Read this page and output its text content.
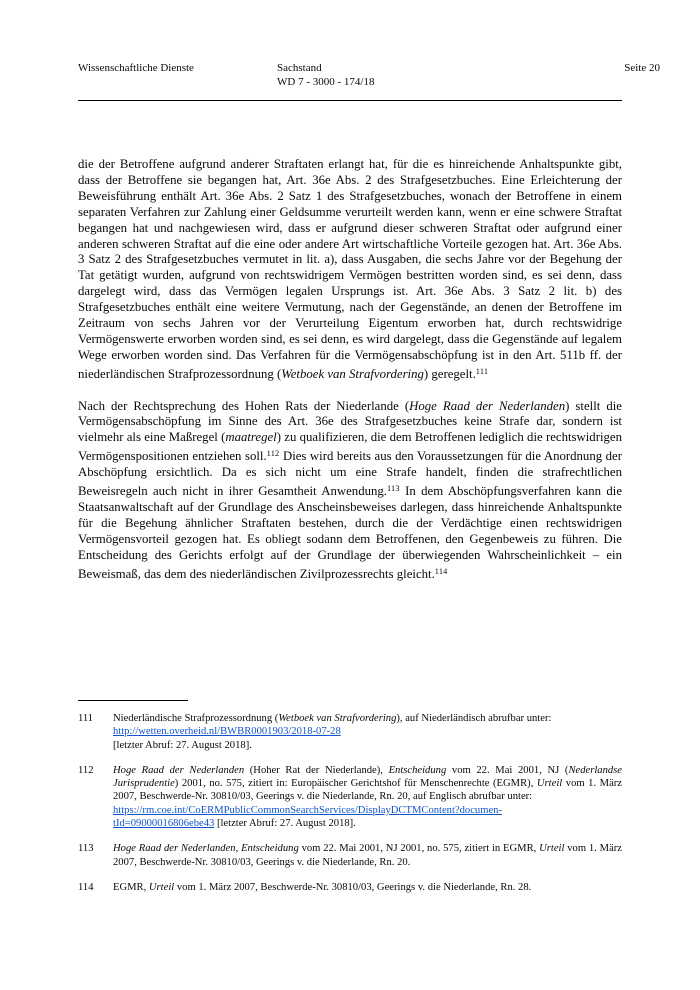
Wissenschaftliche Dienste	Sachstand
WD 7 - 3000 - 174/18
Seite 20

die der Betroffene aufgrund anderer Straftaten erlangt hat, für die es hinreichende Anhaltspunkte gibt, dass der Betroffene sie begangen hat, Art. 36e Abs. 2 des Strafgesetzbuches. Eine Erleichterung der Beweisführung enthält Art. 36e Abs. 2 Satz 1 des Strafgesetzbuches, wonach der Betroffene in einem separaten Verfahren zur Zahlung einer Geldsumme verurteilt werden kann, wenn er eine schwere Straftat begangen hat und nachgewiesen wird, dass er aufgrund dieser schweren Straftat oder aufgrund einer anderen schweren Straftat auf die eine oder andere Art wirtschaftliche Vorteile gezogen hat. Art. 36e Abs. 3 Satz 2 des Strafgesetzbuches vermutet in lit. a), dass Ausgaben, die sechs Jahre vor der Begehung der Tat getätigt wurden, aufgrund von rechtswidrigem Vermögen bestritten worden sind, es sei denn, dass dargelegt wird, dass das Vermögen legalen Ursprungs ist. Art. 36e Abs. 3 Satz 2 lit. b) des Strafgesetzbuches enthält eine weitere Vermutung, nach der Gegenstände, an denen der Betroffene im Zeitraum von sechs Jahren vor der Verurteilung Eigentum erworben hat, durch rechtswidrige Vermögenswerte erworben worden sind, es sei denn, es wird dargelegt, dass die Gegenstände auf legalem Wege erworben worden sind. Das Verfahren für die Vermögensabschöpfung ist in den Art. 511b ff. der niederländischen Strafprozessordnung (Wetboek van Strafvordering) geregelt.$^{111}$

Nach der Rechtsprechung des Hohen Rats der Niederlande (Hoge Raad der Nederlanden) stellt die Vermögensabschöpfung im Sinne des Art. 36e des Strafgesetzbuches keine Strafe dar, sondern ist vielmehr als eine Maßregel (maatregel) zu qualifizieren, die dem Betroffenen lediglich die rechtswidrigen Vermögenspositionen entziehen soll.$^{112}$ Dies wird bereits aus den Voraussetzungen für die Anordnung der Abschöpfung ersichtlich. Da es sich nicht um eine Strafe handelt, finden die strafrechtlichen Beweisregeln auch nicht in ihrer Gesamtheit Anwendung.$^{113}$ In dem Abschöpfungsverfahren kann die Staatsanwaltschaft auf der Grundlage des Anscheinsbeweises darlegen, dass hinreichende Anhaltspunkte für die Begehung ähnlicher Straftaten bestehen, durch die der Verdächtige einen rechtswidrigen Vermögensvorteil gezogen hat. Es obliegt sodann dem Betroffenen, den Gegenbeweis zu führen. Die Entscheidung des Gerichts erfolgt auf der Grundlage der überwiegenden Wahrscheinlichkeit – ein Beweismaß, das dem des niederländischen Zivilprozessrechts gleicht.$^{114}$

111	Niederländische Strafprozessordnung (Wetboek van Strafvordering), auf Niederländisch abrufbar unter:
http://wetten.overheid.nl/BWBR0001903/2018-07-28
[letzter Abruf: 27. August 2018].
112	Hoge Raad der Nederlanden (Hoher Rat der Niederlande), Entscheidung vom 22. Mai 2001, NJ (Nederlandse Jurisprudentie) 2001, no. 575, zitiert in: Europäischer Gerichtshof für Menschenrechte (EGMR), Urteil vom 1. März 2007, Beschwerde-Nr. 30810/03, Geerings v. die Niederlande, Rn. 20, auf Englisch abrufbar unter:
https://rm.coe.int/CoERMPublicCommonSearchServices/DisplayDCTMContent?documen-
tId=09000016806ebe43 [letzter Abruf: 27. August 2018].
113	Hoge Raad der Nederlanden, Entscheidung vom 22. Mai 2001, NJ 2001, no. 575, zitiert in EGMR, Urteil vom 1. März 2007, Beschwerde-Nr. 30810/03, Geerings v. die Niederlande, Rn. 20.
114	EGMR, Urteil vom 1. März 2007, Beschwerde-Nr. 30810/03, Geerings v. die Niederlande, Rn. 28.
